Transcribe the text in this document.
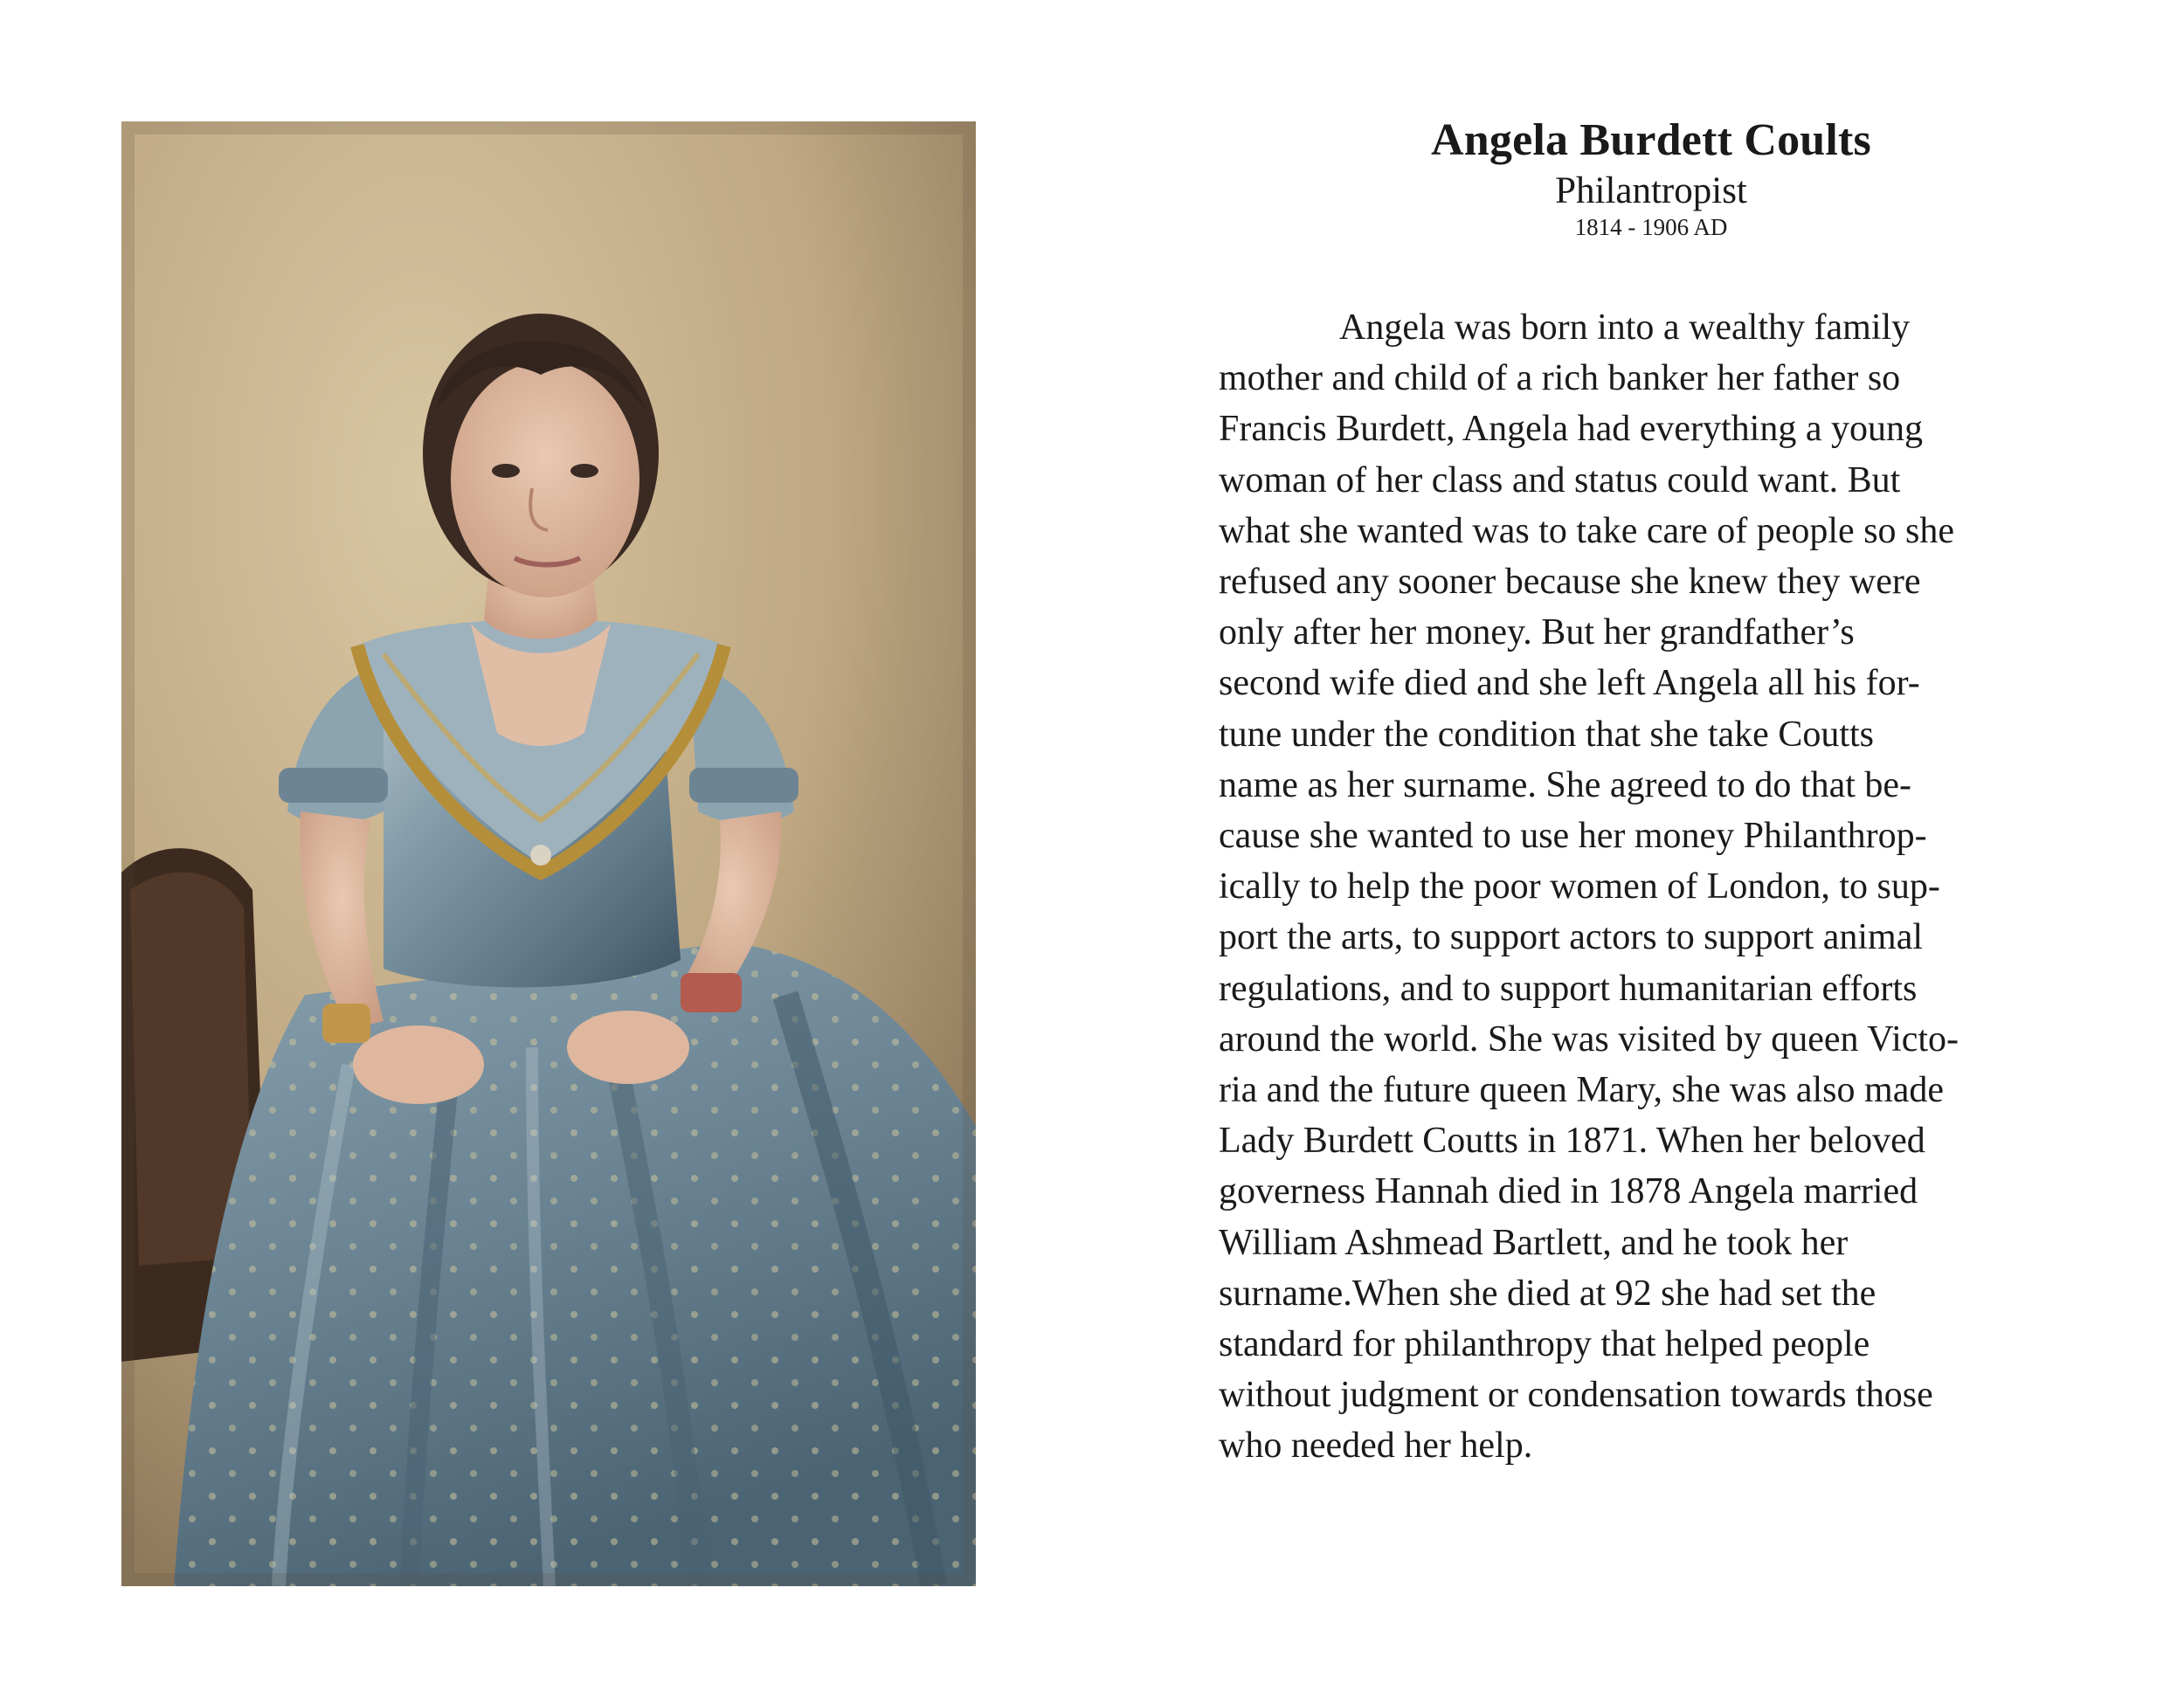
Angela Burdett Coults
Philantropist
1814 - 1906 AD
Angela was born into a wealthy family
mother and child of a rich banker her father so
Francis Burdett, Angela had everything a young
woman of her class and status could want. But
what she wanted was to take care of people so she
refused any sooner because she knew they were
only after her money. But her grandfather’s
second wife died and she left Angela all his for-
tune under the condition that she take Coutts
name as her surname. She agreed to do that be-
cause she wanted to use her money Philanthrop-
ically to help the poor women of London, to sup-
port the arts, to support actors to support animal
regulations, and to support humanitarian efforts
around the world. She was visited by queen Victo-
ria and the future queen Mary, she was also made
Lady Burdett Coutts in 1871. When her beloved
governess Hannah died in 1878 Angela married
William Ashmead Bartlett, and he took her
surname.When she died at 92 she had set the
standard for philanthropy that helped people
without judgment or condensation towards those
who needed her help.
